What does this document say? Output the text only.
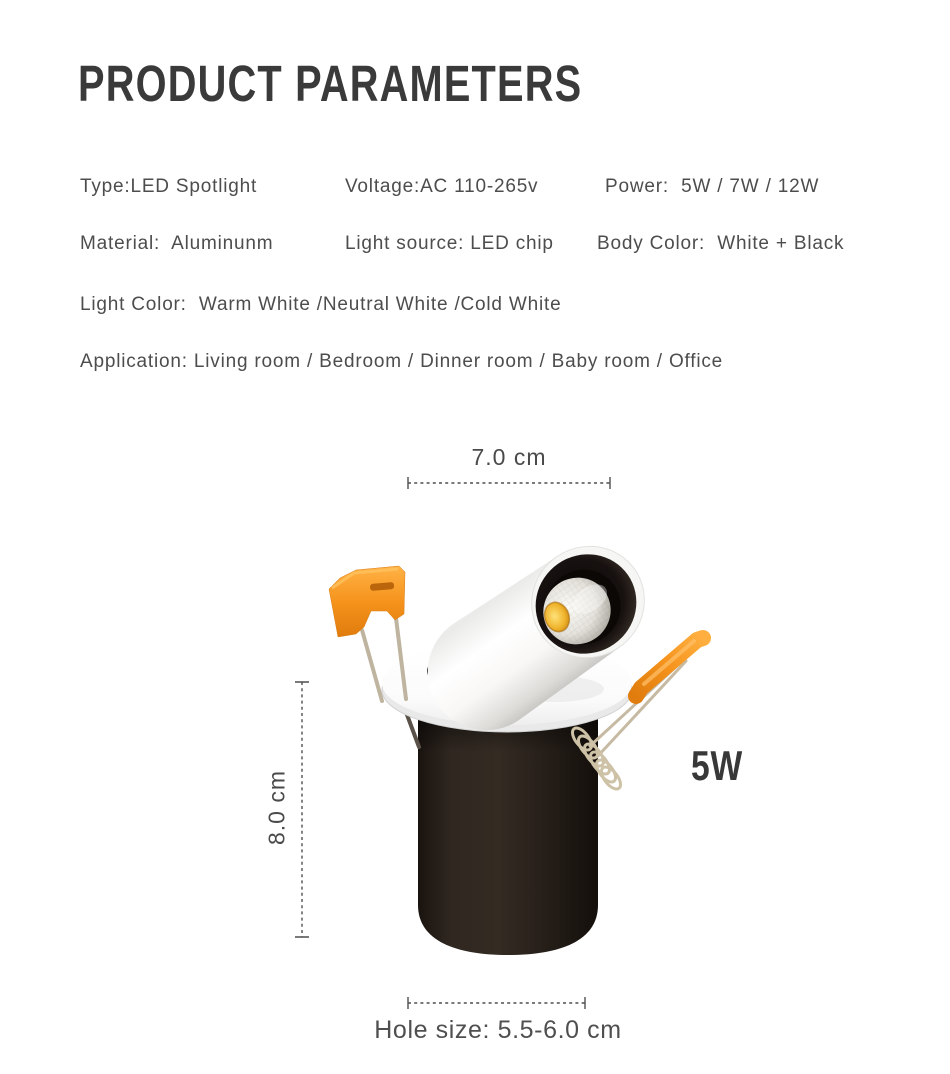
PRODUCT PARAMETERS
Type:LED Spotlight	Voltage:AC 110-265v	Power:  5W / 7W / 12W
Material:  Aluminunm	Light source: LED chip Body Color:  White + Black
Light Color:  Warm White /Neutral White /Cold White
Application: Living room / Bedroom / Dinner room / Baby room / Office
7.0 cm
8.0 cm
5W
Hole size: 5.5-6.0 cm
